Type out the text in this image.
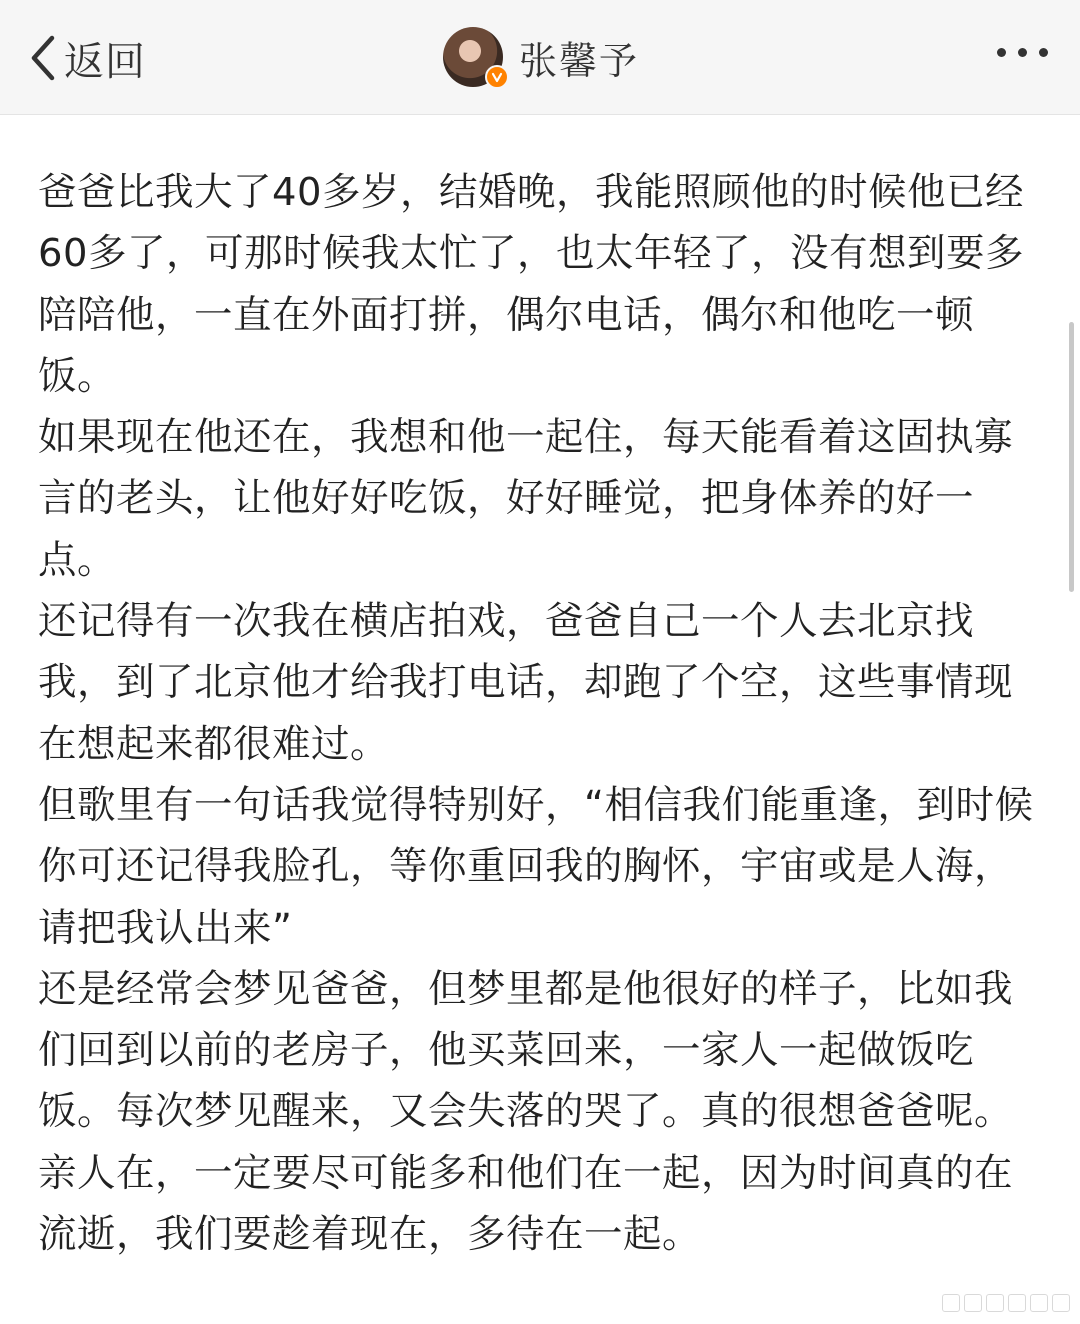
返回	张馨予

爸爸比我大了40多岁，结婚晚，我能照顾他的时候他已经60多了，可那时候我太忙了，也太年轻了，没有想到要多陪陪他，一直在外面打拼，偶尔电话，偶尔和他吃一顿饭。

如果现在他还在，我想和他一起住，每天能看着这固执寡言的老头，让他好好吃饭，好好睡觉，把身体养的好一点。

还记得有一次我在横店拍戏，爸爸自己一个人去北京找我，到了北京他才给我打电话，却跑了个空，这些事情现在想起来都很难过。

但歌里有一句话我觉得特别好，“相信我们能重逢，到时候你可还记得我脸孔，等你重回我的胸怀，宇宙或是人海，请把我认出来”

还是经常会梦见爸爸，但梦里都是他很好的样子，比如我们回到以前的老房子，他买菜回来，一家人一起做饭吃饭。每次梦见醒来，又会失落的哭了。真的很想爸爸呢。

亲人在，一定要尽可能多和他们在一起，因为时间真的在流逝，我们要趁着现在，多待在一起。
